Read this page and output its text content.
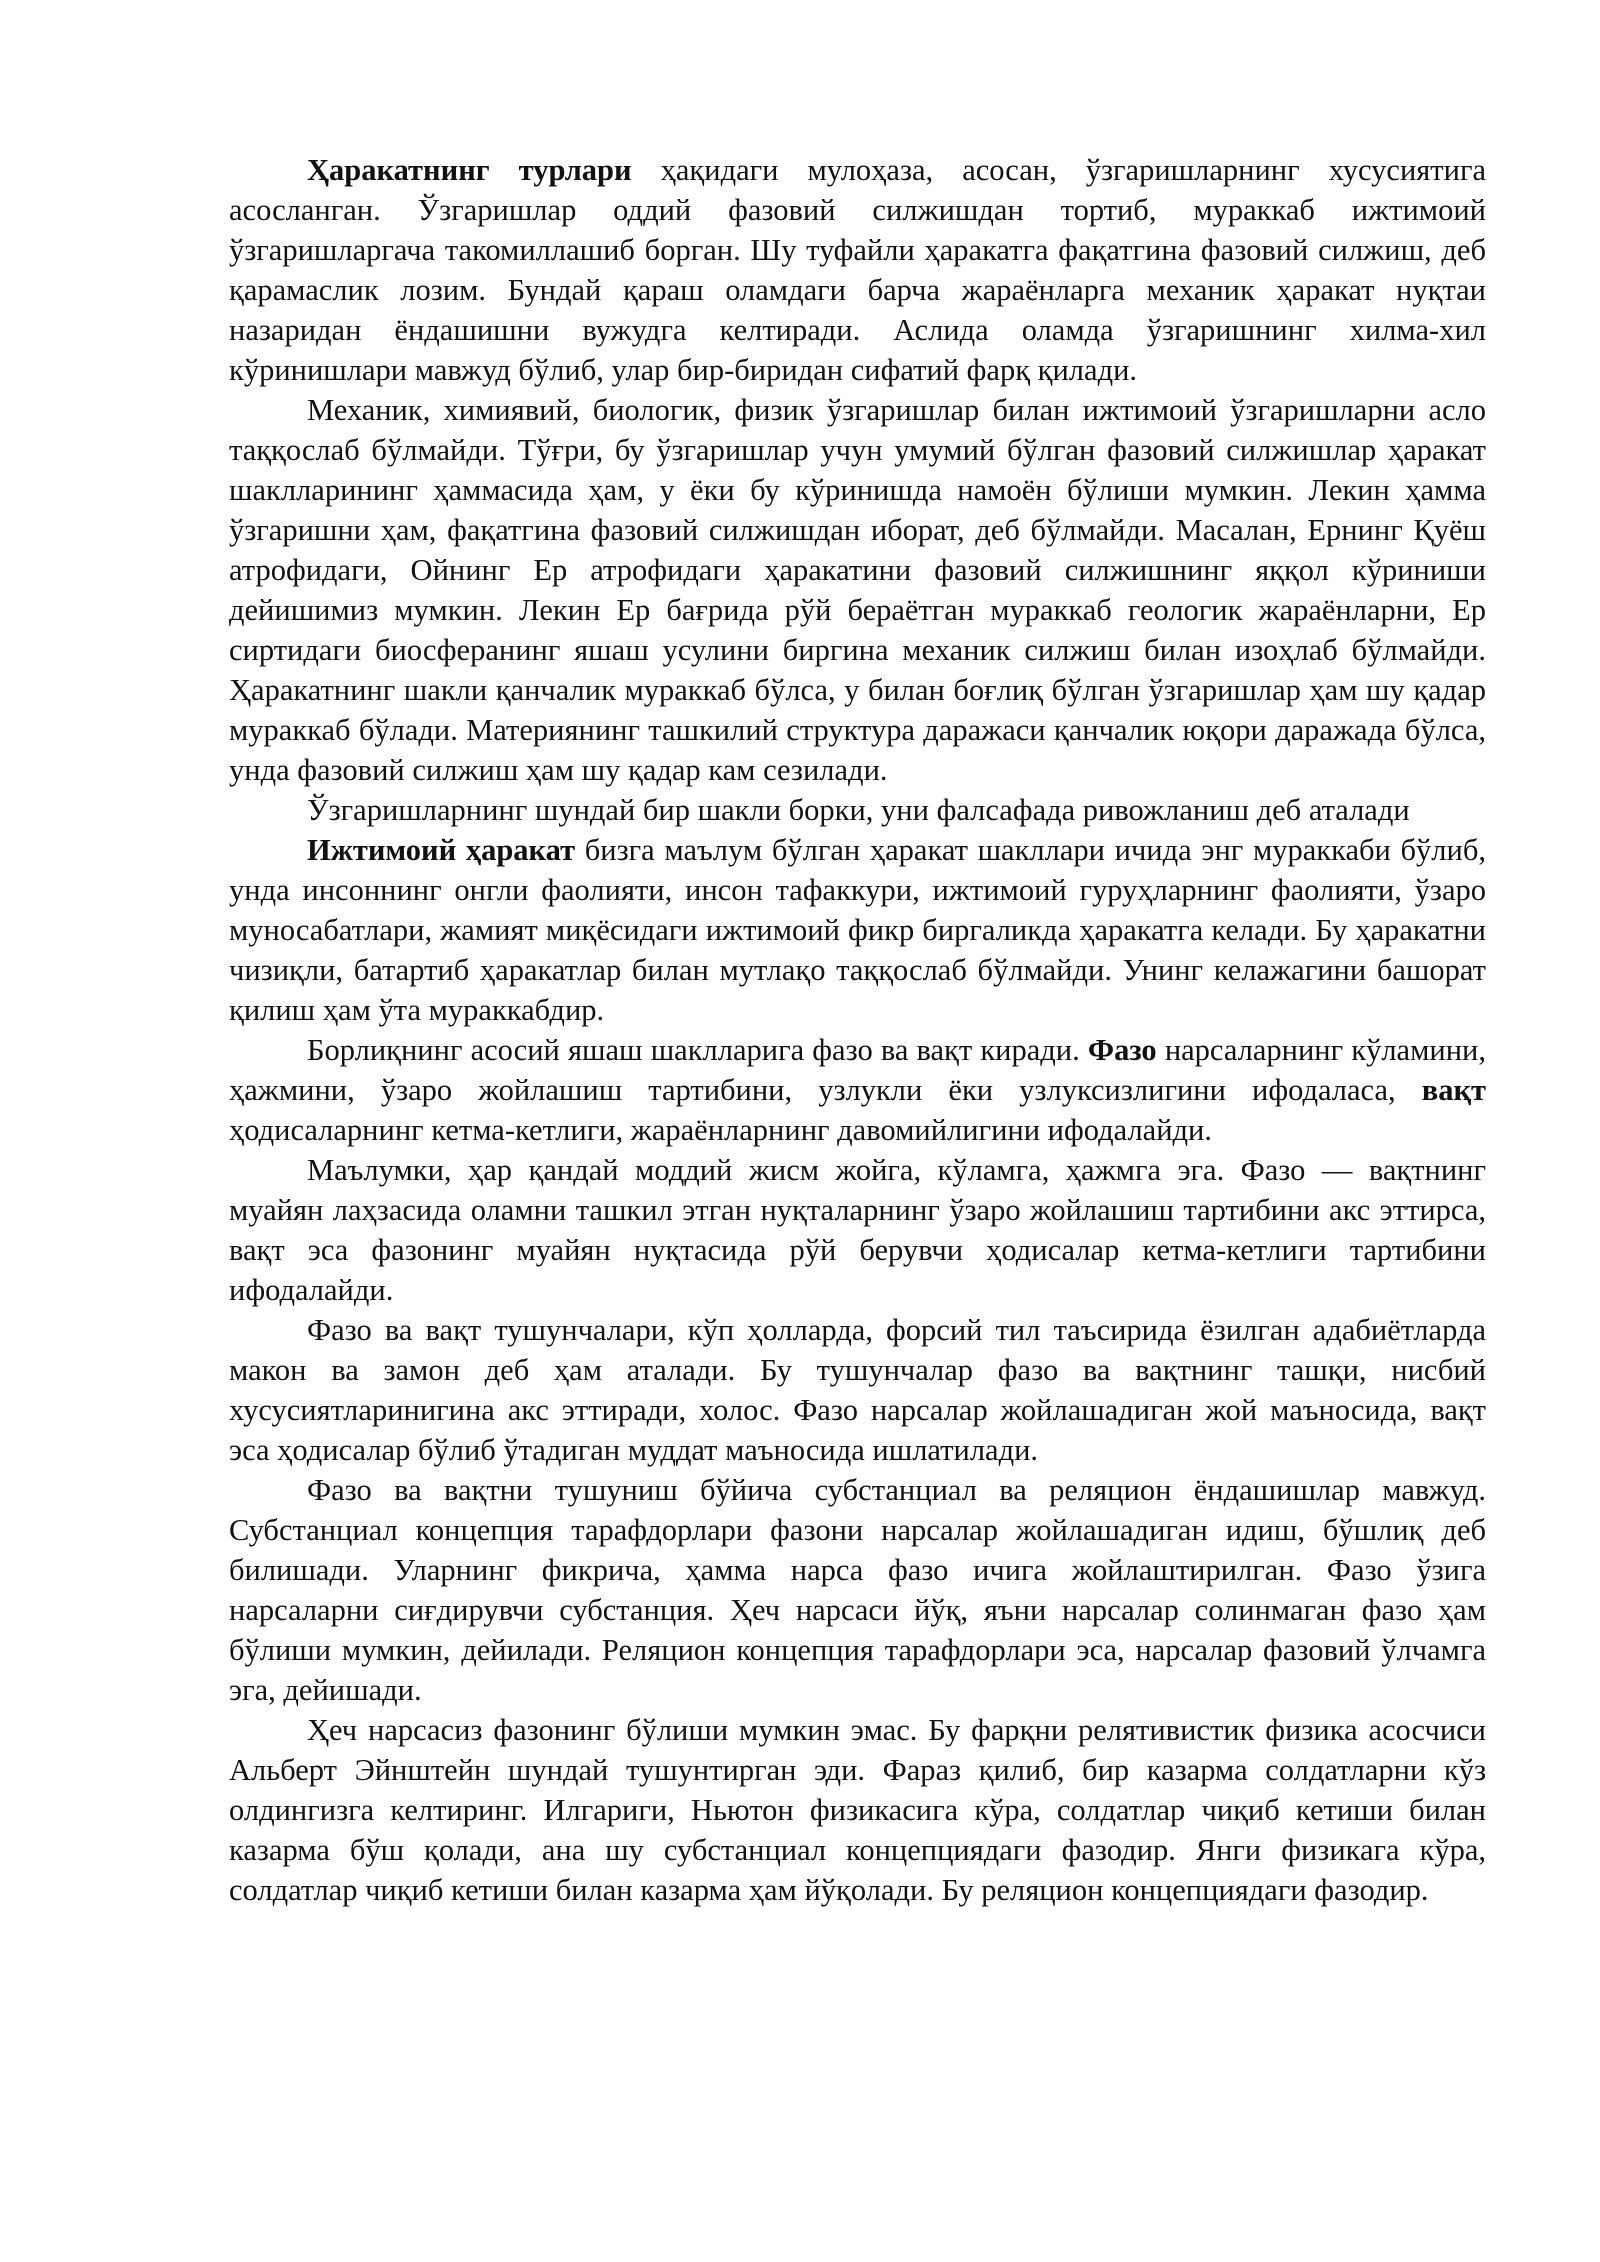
Ҳаракатнинг турлари ҳақидаги мулоҳаза, асосан, ўзгаришларнинг хусусиятига асосланган. Ўзгаришлар оддий фазовий силжишдан тортиб, мураккаб ижтимоий ўзгаришларгача такомиллашиб борган. Шу туфайли ҳаракатга фақатгина фазовий силжиш, деб қарамаслик лозим. Бундай қараш оламдаги барча жараёнларга механик ҳаракат нуқтаи назаридан ёндашишни вужудга келтиради. Аслида оламда ўзгаришнинг хилма-хил кўринишлари мавжуд бўлиб, улар бир-биридан сифатий фарқ қилади.

Механик, химиявий, биологик, физик ўзгаришлар билан ижтимоий ўзгаришларни асло таққослаб бўлмайди. Тўғри, бу ўзгаришлар учун умумий бўлган фазовий силжишлар ҳаракат шаклларининг ҳаммасида ҳам, у ёки бу кўринишда намоён бўлиши мумкин. Лекин ҳамма ўзгаришни ҳам, фақатгина фазовий силжишдан иборат, деб бўлмайди. Масалан, Ернинг Қуёш атрофидаги, Ойнинг Ер атрофидаги ҳаракатини фазовий силжишнинг яққол кўриниши дейишимиз мумкин. Лекин Ер бағрида рўй бераётган мураккаб геологик жараёнларни, Ер сиртидаги биосферанинг яшаш усулини биргина механик силжиш билан изоҳлаб бўлмайди. Ҳаракатнинг шакли қанчалик мураккаб бўлса, у билан боғлиқ бўлган ўзгаришлар ҳам шу қадар мураккаб бўлади. Материянинг ташкилий структура даражаси қанчалик юқори даражада бўлса, унда фазовий силжиш ҳам шу қадар кам сезилади.

Ўзгаришларнинг шундай бир шакли борки, уни фалсафада ривожланиш деб аталади

Ижтимоий ҳаракат бизга маълум бўлган ҳаракат шакллари ичида энг мураккаби бўлиб, унда инсоннинг онгли фаолияти, инсон тафаккури, ижтимоий гуруҳларнинг фаолияти, ўзаро муносабатлари, жамият миқёсидаги ижтимоий фикр биргаликда ҳаракатга келади. Бу ҳаракатни чизиқли, батартиб ҳаракатлар билан мутлақо таққослаб бўлмайди. Унинг келажагини башорат қилиш ҳам ўта мураккабдир.

Борлиқнинг асосий яшаш шаклларига фазо ва вақт киради. Фазо нарсаларнинг кўламини, ҳажмини, ўзаро жойлашиш тартибини, узлукли ёки узлуксизлигини ифодаласа, вақт ҳодисаларнинг кетма-кетлиги, жараёнларнинг давомийлигини ифодалайди.

Маълумки, ҳар қандай моддий жисм жойга, кўламга, ҳажмга эга. Фазо — вақтнинг муайян лаҳзасида оламни ташкил этган нуқталарнинг ўзаро жойлашиш тартибини акс эттирса, вақт эса фазонинг муайян нуқтасида рўй берувчи ҳодисалар кетма-кетлиги тартибини ифодалайди.

Фазо ва вақт тушунчалари, кўп ҳолларда, форсий тил таъсирида ёзилган адабиётларда макон ва замон деб ҳам аталади. Бу тушунчалар фазо ва вақтнинг ташқи, нисбий хусусиятларинигина акс эттиради, холос. Фазо нарсалар жойлашадиган жой маъносида, вақт эса ҳодисалар бўлиб ўтадиган муддат маъносида ишлатилади.

Фазо ва вақтни тушуниш бўйича субстанциал ва реляцион ёндашишлар мавжуд. Субстанциал концепция тарафдорлари фазони нарсалар жойлашадиган идиш, бўшлиқ деб билишади. Уларнинг фикрича, ҳамма нарса фазо ичига жойлаштирилган. Фазо ўзига нарсаларни сиғдирувчи субстанция. Ҳеч нарсаси йўқ, яъни нарсалар солинмаган фазо ҳам бўлиши мумкин, дейилади. Реляцион концепция тарафдорлари эса, нарсалар фазовий ўлчамга эга, дейишади.

Ҳеч нарсасиз фазонинг бўлиши мумкин эмас. Бу фарқни релятивистик физика асосчиси Альберт Эйнштейн шундай тушунтирган эди. Фараз қилиб, бир казарма солдатларни кўз олдингизга келтиринг. Илгариги, Ньютон физикасига кўра, солдатлар чиқиб кетиши билан казарма бўш қолади, ана шу субстанциал концепциядаги фазодир. Янги физикага кўра, солдатлар чиқиб кетиши билан казарма ҳам йўқолади. Бу реляцион концепциядаги фазодир.
